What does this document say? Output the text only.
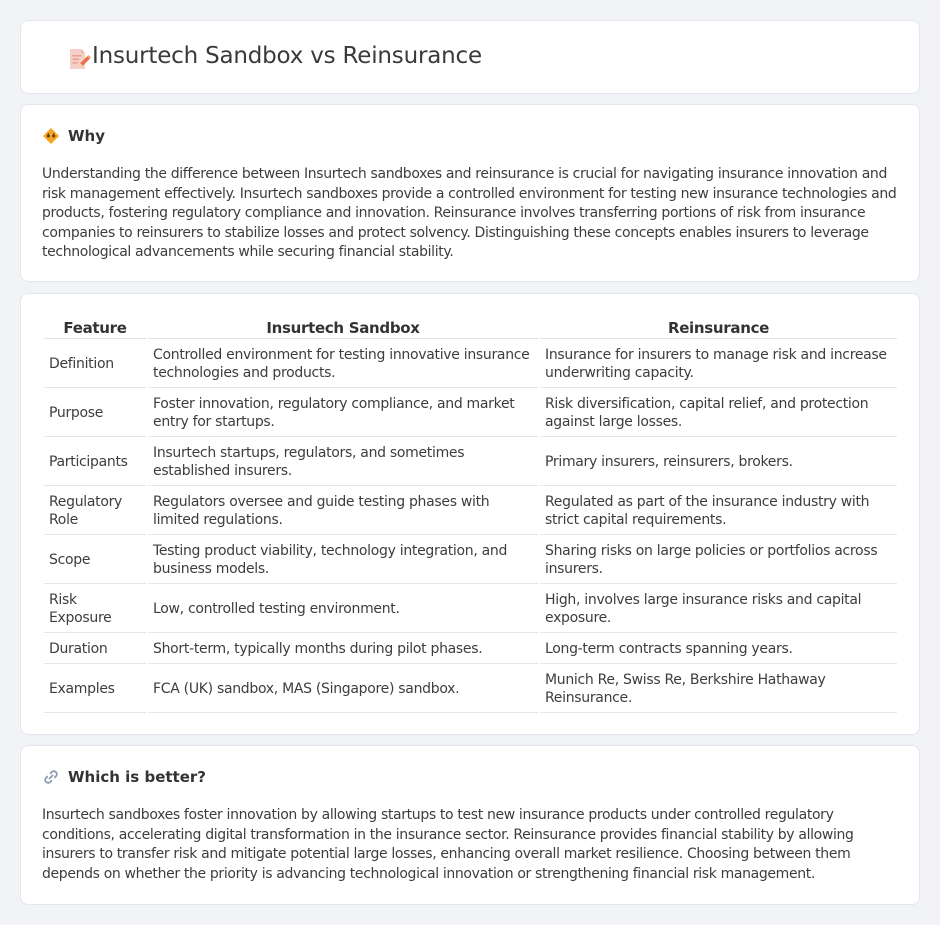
Insurtech Sandbox vs Reinsurance
Why

Understanding the difference between Insurtech sandboxes and reinsurance is crucial for navigating insurance innovation and risk management effectively. Insurtech sandboxes provide a controlled environment for testing new insurance technologies and products, fostering regulatory compliance and innovation. Reinsurance involves transferring portions of risk from insurance companies to reinsurers to stabilize losses and protect solvency. Distinguishing these concepts enables insurers to leverage technological advancements while securing financial stability.

Feature	Insurtech Sandbox	Reinsurance
Definition	Controlled environment for testing innovative insurance technologies and products.	Insurance for insurers to manage risk and increase underwriting capacity.
Purpose	Foster innovation, regulatory compliance, and market entry for startups.	Risk diversification, capital relief, and protection against large losses.
Participants	Insurtech startups, regulators, and sometimes established insurers.	Primary insurers, reinsurers, brokers.
Regulatory Role	Regulators oversee and guide testing phases with limited regulations.	Regulated as part of the insurance industry with strict capital requirements.
Scope	Testing product viability, technology integration, and business models.	Sharing risks on large policies or portfolios across insurers.
Risk Exposure	Low, controlled testing environment.	High, involves large insurance risks and capital exposure.
Duration	Short-term, typically months during pilot phases.	Long-term contracts spanning years.
Examples	FCA (UK) sandbox, MAS (Singapore) sandbox.	Munich Re, Swiss Re, Berkshire Hathaway Reinsurance.
Which is better?

Insurtech sandboxes foster innovation by allowing startups to test new insurance products under controlled regulatory conditions, accelerating digital transformation in the insurance sector. Reinsurance provides financial stability by allowing insurers to transfer risk and mitigate potential large losses, enhancing overall market resilience. Choosing between them depends on whether the priority is advancing technological innovation or strengthening financial risk management.
